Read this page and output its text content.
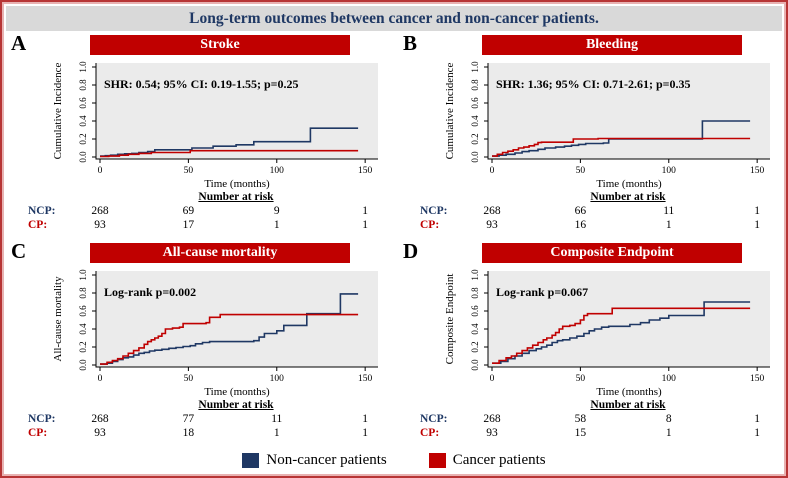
Long-term outcomes between cancer and non-cancer patients.
A	Stroke
0.0
0.2
0.4
0.6
0.8
1.0
0	50	100	150
Time (months)
Cumulative Incidence	SHR: 0.54; 95% CI: 0.19-1.55; p=0.25
Number at risk
NCP:	268	69	9	1
CP:	93	17	1	1
B	Bleeding
0.0
0.2
0.4
0.6
0.8
1.0
0	50	100	150
Time (months)
Cumulative Incidence	SHR: 1.36; 95% CI: 0.71-2.61; p=0.35
Number at risk
NCP:	268	66	11	1
CP:	93	16	1	1
C	All-cause mortality
0.0
0.2
0.4
0.6
0.8
1.0
0	50	100	150
Time (months)
All-cause mortality	Log-rank p=0.002
Number at risk
NCP:	268	77	11	1
CP:	93	18	1	1
D	Composite Endpoint
0.0
0.2
0.4
0.6
0.8
1.0
0	50	100	150
Time (months)
Composite Endpoint	Log-rank p=0.067
Number at risk
NCP:	268	58	8	1
CP:	93	15	1	1
Non-cancer patients	Cancer patients
